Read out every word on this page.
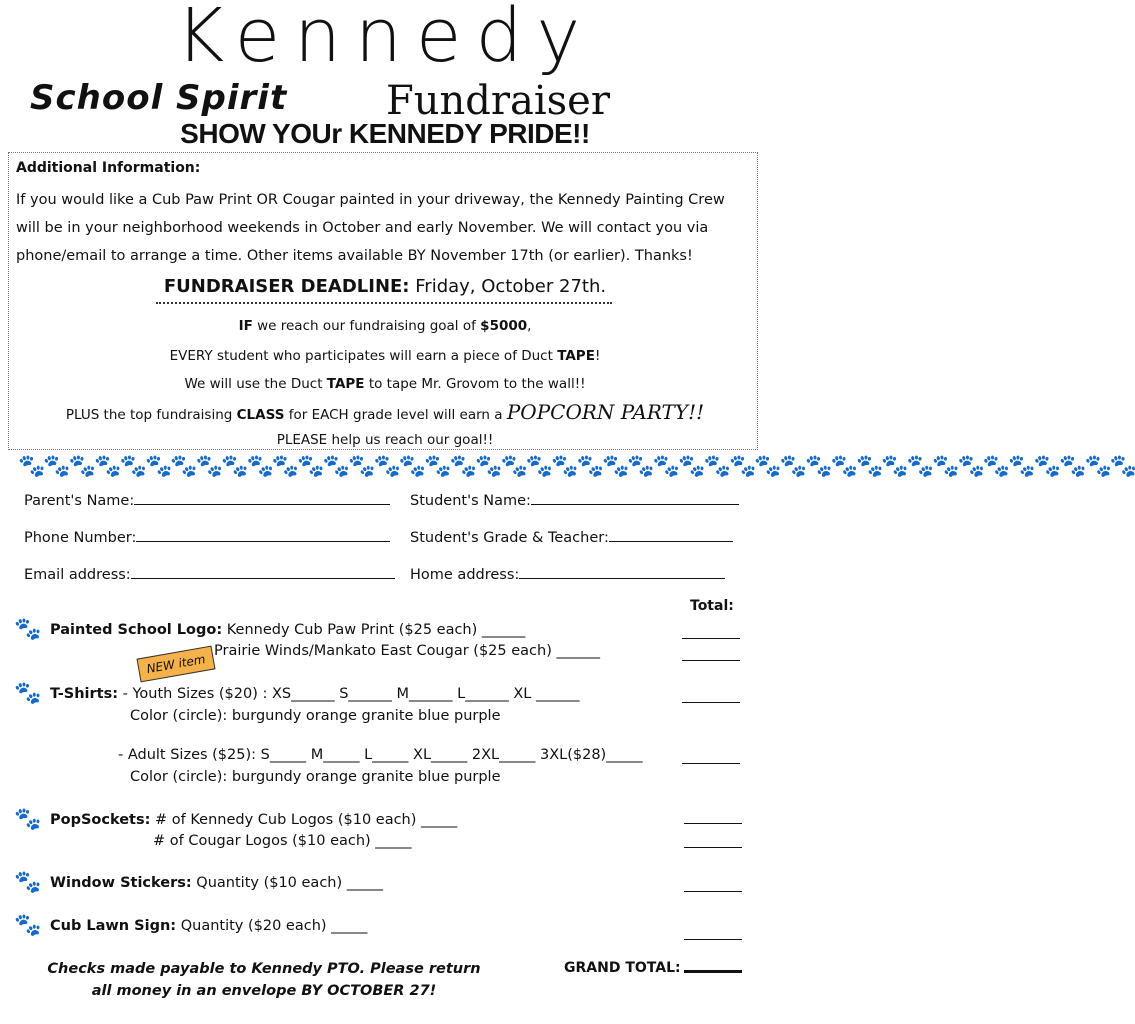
Kennedy
School Spirit Fundraiser
SHOW YOUr KENNEDY PRIDE!!
Additional Information:
If you would like a Cub Paw Print OR Cougar painted in your driveway, the Kennedy Painting Crew
will be in your neighborhood weekends in October and early November. We will contact you via
phone/email to arrange a time. Other items available BY November 17th (or earlier). Thanks!
FUNDRAISER DEADLINE: Friday, October 27th.
IF we reach our fundraising goal of $5000,
EVERY student who participates will earn a piece of Duct TAPE!
We will use the Duct TAPE to tape Mr. Grovom to the wall!!
PLUS the top fundraising CLASS for EACH grade level will earn a POPCORN PARTY!!
PLEASE help us reach our goal!!
🐾🐾🐾🐾🐾🐾🐾🐾🐾🐾🐾🐾🐾🐾🐾🐾🐾🐾🐾🐾🐾🐾🐾🐾🐾🐾🐾🐾🐾🐾🐾🐾🐾🐾🐾🐾🐾🐾🐾🐾🐾🐾🐾🐾
Parent's Name:	Student's Name:
Phone Number:	Student's Grade & Teacher:
Email address:	Home address:
Total:
🐾 Painted School Logo: Kennedy Cub Paw Print ($25 each) ______
Prairie Winds/Mankato East Cougar ($25 each) ______
NEW item
🐾 T-Shirts: - Youth Sizes ($20) : XS______ S______ M______ L______ XL ______
Color (circle): burgundy orange granite blue purple
- Adult Sizes ($25): S_____ M_____ L_____ XL_____ 2XL_____ 3XL($28)_____
Color (circle): burgundy orange granite blue purple
🐾 PopSockets: # of Kennedy Cub Logos ($10 each) _____
# of Cougar Logos ($10 each) _____
🐾 Window Stickers: Quantity ($10 each) _____
🐾 Cub Lawn Sign: Quantity ($20 each) _____
Checks made payable to Kennedy PTO. Please return
all money in an envelope BY OCTOBER 27!
GRAND TOTAL:
